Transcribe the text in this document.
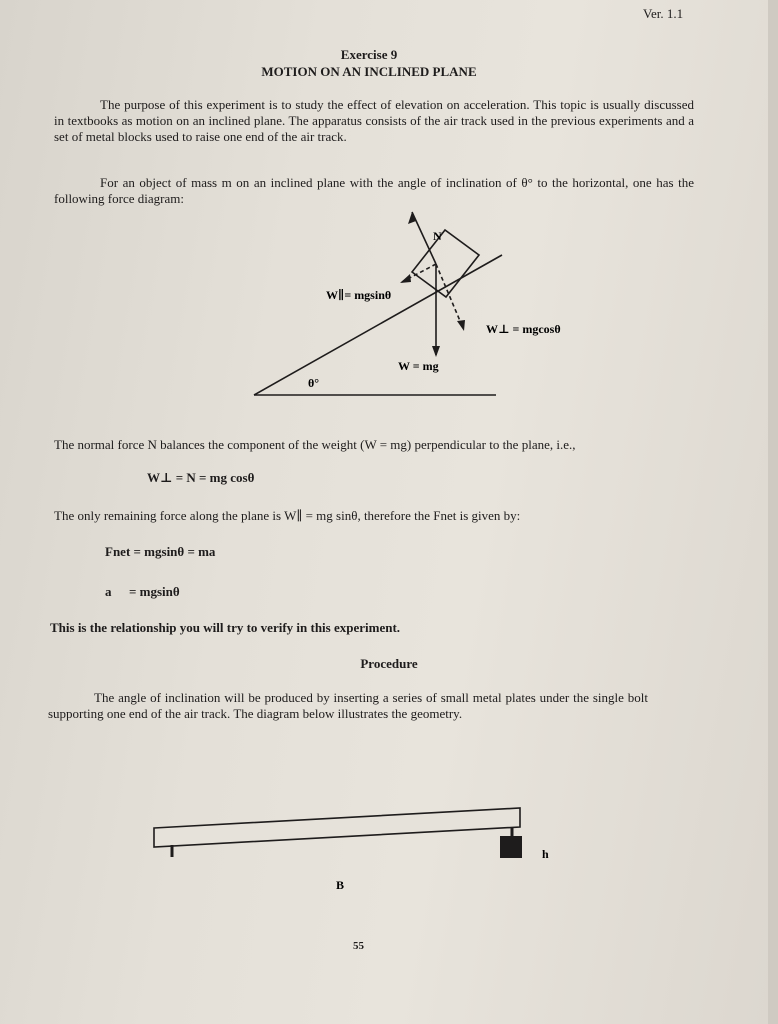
Ver. 1.1
Exercise 9
MOTION ON AN INCLINED PLANE
The purpose of this experiment is to study the effect of elevation on acceleration. This topic is usually discussed in textbooks as motion on an inclined plane. The apparatus consists of the air track used in the previous experiments and a set of metal blocks used to raise one end of the air track.
For an object of mass m on an inclined plane with the angle of inclination of θ° to the horizontal, one has the following force diagram:
N
W∥= mgsinθ
W⊥ = mgcosθ
W = mg
θ°
The normal force N balances the component of the weight (W = mg) perpendicular to the plane, i.e.,
W⊥ = N = mg cosθ
The only remaining force along the plane is W∥ = mg sinθ, therefore the Fnet is given by:
Fnet = mgsinθ = ma
a = mgsinθ
This is the relationship you will try to verify in this experiment.
Procedure
The angle of inclination will be produced by inserting a series of small metal plates under the single bolt supporting one end of the air track. The diagram below illustrates the geometry.
h
B
55
